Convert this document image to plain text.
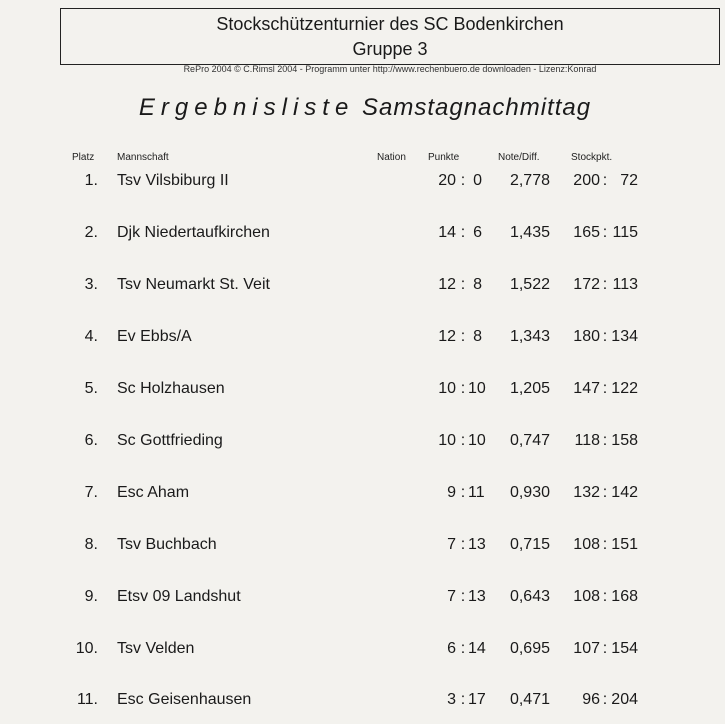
Stockschützenturnier des SC Bodenkirchen
Gruppe 3
RePro 2004 © C.Rimsl 2004 - Programm unter http://www.rechenbuero.de downloaden - Lizenz:Konrad
Ergebnisliste Samstagnachmittag
Platz Mannschaft	Nation Punkte	Note/Diff.	Stockpkt.
1. Tsv Vilsbiburg II	20 : 0	2,778	200 : 72
2. Djk Niedertaufkirchen	14 : 6	1,435	165 : 115
3. Tsv Neumarkt St. Veit	12 : 8	1,522	172 : 113
4. Ev Ebbs/A	12 : 8	1,343	180 : 134
5. Sc Holzhausen	10 : 10	1,205	147 : 122
6. Sc Gottfrieding	10 : 10	0,747	118 : 158
7. Esc Aham	9 : 11	0,930	132 : 142
8. Tsv Buchbach	7 : 13	0,715	108 : 151
9. Etsv 09 Landshut	7 : 13	0,643	108 : 168
10. Tsv Velden	6 : 14	0,695	107 : 154
11. Esc Geisenhausen	3 : 17	0,471	96 : 204
